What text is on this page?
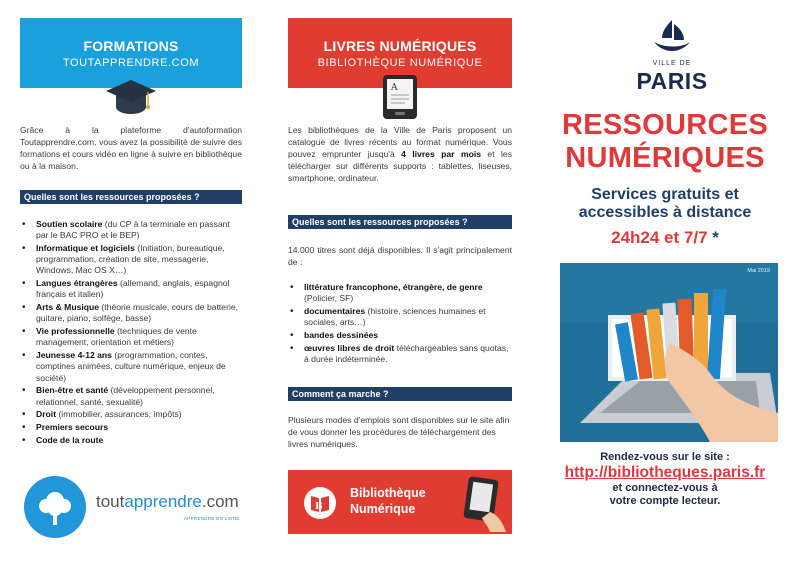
FORMATIONS
TOUTAPPRENDRE.COM
Grâce à la plateforme d'autoformation Toutapprendre.com, vous avez la possibilité de suivre des formations et cours vidéo en ligne à suivre en bibliothèque ou à la maison.
Quelles sont les ressources proposées ?
• Soutien scolaire (du CP à la terminale en passant par le BAC PRO et le BEP)
• Informatique et logiciels (Initiation, bureautique, programmation, création de site, messagerie, Windows, Mac OS X…)
• Langues étrangères (allemand, anglais, espagnol français et italien)
• Arts & Musique (théorie musicale, cours de batterie, guitare, piano, solfège, basse)
• Vie professionnelle (techniques de vente management, orientation et métiers)
• Jeunesse 4-12 ans (programmation, contes, comptines animées, culture numérique, enjeux de société)
• Bien-être et santé (développement personnel, relationnel, santé, sexualité)
• Droit (immobilier, assurances, impôts)
• Premiers secours
• Code de la route
toutapprendre.com
APPRENDRE EN LIGNE
LIVRES NUMÉRIQUES
BIBLIOTHÈQUE NUMÉRIQUE
A
Les bibliothèques de la Ville de Paris proposent un catalogue de livres récents au format numérique. Vous pouvez emprunter jusqu'à 4 livres par mois et les télécharger sur différents supports : tablettes, liseuses, smartphone, ordinateur.
Quelles sont les ressources proposées ?
14.000 titres sont déjà disponibles. Il s'agit principalement de :
• littérature francophone, étrangère, de genre (Policier, SF)
• documentaires (histoire, sciences humaines et sociales, arts…)
• bandes dessinées
• œuvres libres de droit téléchargeables sans quotas, à durée indéterminée.
Comment ça marche ?
Plusieurs modes d'emplois sont disponibles sur le site afin de vous donner les procédures de téléchargement des livres numériques.
B
Bibliothèque
Numérique
VILLE DE
PARIS
RESSOURCES
NUMÉRIQUES
Services gratuits et
accessibles à distance
24h24 et 7/7 *
Mai 2019
Rendez-vous sur le site :
http://bibliotheques.paris.fr
et connectez-vous à
votre compte lecteur.
